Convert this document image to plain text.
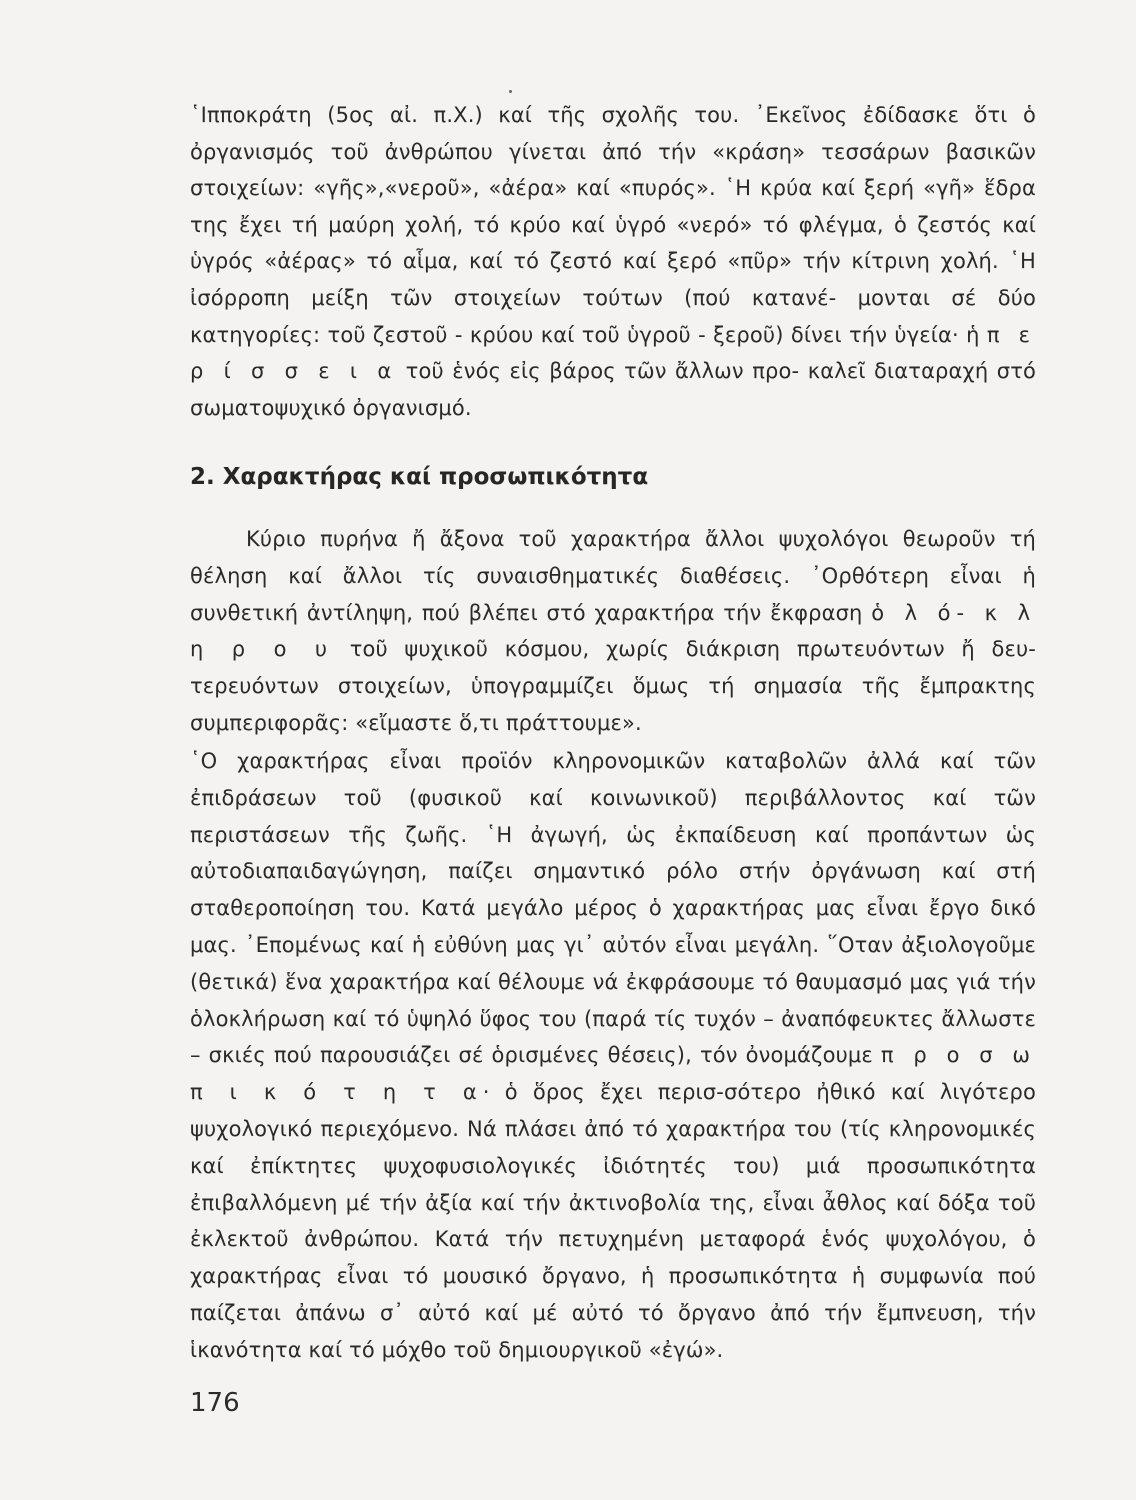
῾Ιπποκράτη (5ος αἰ. π.Χ.) καί τῆς σχολῆς του. ᾿Εκεῖνος ἐδίδασκε ὅτι ὁ ὀργανισμός τοῦ ἀνθρώπου γίνεται ἀπό τήν «κράση» τεσσάρων βασικῶν στοιχείων: «γῆς»,«νεροῦ», «ἀέρα» καί «πυρός». ῾Η κρύα καί ξερή «γῆ» ἕδρα της ἔχει τή μαύρη χολή, τό κρύο καί ὑγρό «νερό» τό φλέγμα, ὁ ζεστός καί ὑγρός «ἀέρας» τό αἷμα, καί τό ζεστό καί ξερό «πῦρ» τήν κίτρινη χολή. ῾Η ἰσόρροπη μείξη τῶν στοιχείων τούτων (πού κατανέ- μονται σέ δύο κατηγορίες: τοῦ ζεστοῦ - κρύου καί τοῦ ὑγροῦ - ξεροῦ) δίνει τήν ὑγεία· ἡ π ε ρ ί σ σ ε ι α τοῦ ἑνός εἰς βάρος τῶν ἄλλων προ- καλεῖ διαταραχή στό σωματοψυχικό ὀργανισμό.

2. Χαρακτήρας καί προσωπικότητα

Κύριο πυρήνα ἤ ἄξονα τοῦ χαρακτήρα ἄλλοι ψυχολόγοι θεωροῦν τή θέληση καί ἄλλοι τίς συναισθηματικές διαθέσεις. ᾿Ορθότερη εἶναι ἡ συνθετική ἀντίληψη, πού βλέπει στό χαρακτήρα τήν ἔκφραση ὁ λ ό- κ λ η ρ ο υ τοῦ ψυχικοῦ κόσμου, χωρίς διάκριση πρωτευόντων ἤ δευ-τερευόντων στοιχείων, ὑπογραμμίζει ὅμως τή σημασία τῆς ἔμπρακτης συμπεριφορᾶς: «εἴμαστε ὅ,τι πράττουμε».

῾Ο χαρακτήρας εἶναι προϊόν κληρονομικῶν καταβολῶν ἀλλά καί τῶν ἐπιδράσεων τοῦ (φυσικοῦ καί κοινωνικοῦ) περιβάλλοντος καί τῶν περιστάσεων τῆς ζωῆς. ῾Η ἀγωγή, ὡς ἐκπαίδευση καί προπάντων ὡς αὐτοδιαπαιδαγώγηση, παίζει σημαντικό ρόλο στήν ὀργάνωση καί στή σταθεροποίηση του. Κατά μεγάλο μέρος ὁ χαρακτήρας μας εἶναι ἔργο δικό μας. ᾿Επομένως καί ἡ εὐθύνη μας γι᾿ αὐτόν εἶναι μεγάλη. ῞Οταν ἀξιολογοῦμε (θετικά) ἕνα χαρακτήρα καί θέλουμε νά ἐκφράσουμε τό θαυμασμό μας γιά τήν ὁλοκλήρωση καί τό ὑψηλό ὕφος του (παρά τίς τυχόν – ἀναπόφευκτες ἄλλωστε – σκιές πού παρουσιάζει σέ ὁρισμένες θέσεις), τόν ὀνομάζουμε π ρ ο σ ω π ι κ ό τ η τ α· ὁ ὅρος ἔχει περισ-σότερο ἠθικό καί λιγότερο ψυχολογικό περιεχόμενο. Νά πλάσει ἀπό τό χαρακτήρα του (τίς κληρονομικές καί ἐπίκτητες ψυχοφυσιολογικές ἰδιότητές του) μιά προσωπικότητα ἐπιβαλλόμενη μέ τήν ἀξία καί τήν ἀκτινοβολία της, εἶναι ἆθλος καί δόξα τοῦ ἐκλεκτοῦ ἀνθρώπου. Κατά τήν πετυχημένη μεταφορά ἑνός ψυχολόγου, ὁ χαρακτήρας εἶναι τό μουσικό ὄργανο, ἡ προσωπικότητα ἡ συμφωνία πού παίζεται ἀπάνω σ᾿ αὐτό καί μέ αὐτό τό ὄργανο ἀπό τήν ἔμπνευση, τήν ἱκανότητα καί τό μόχθο τοῦ δημιουργικοῦ «ἐγώ».

176
